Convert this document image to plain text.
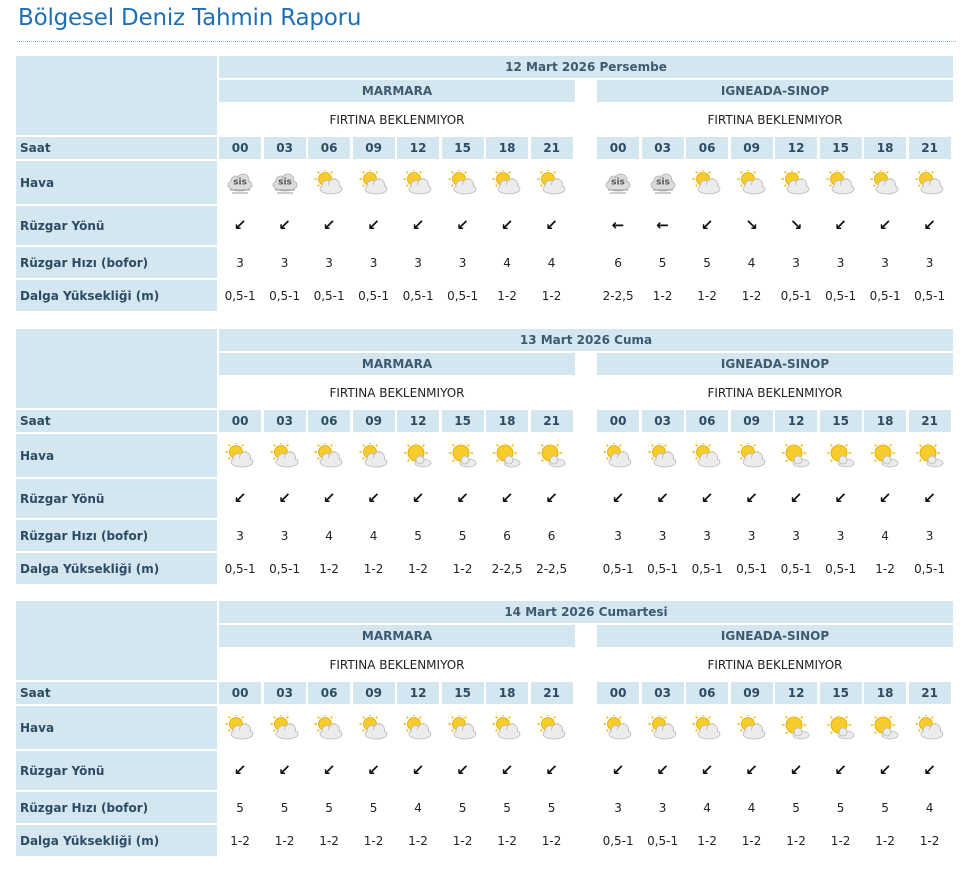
Bölgesel Deniz Tahmin Raporu
Saat
Hava
Rüzgar Yönü
Rüzgar Hızı (bofor)
Dalga Yüksekliği (m)
12 Mart 2026 Persembe
MARMARA
FIRTINA BEKLENMIYOR
00
sis
↙
3
0,5-1
03
sis
↙
3
0,5-1
06
↙
3
0,5-1
09
↙
3
0,5-1
12
↙
3
0,5-1
15
↙
3
0,5-1
18
↙
4
1-2
21
↙
4
1-2
IGNEADA-SINOP
FIRTINA BEKLENMIYOR
00
sis
←
6
2-2,5
03
sis
←
5
1-2
06
↙
5
1-2
09
↘
4
1-2
12
↘
3
0,5-1
15
↙
3
0,5-1
18
↙
3
0,5-1
21
↙
3
0,5-1
Saat
Hava
Rüzgar Yönü
Rüzgar Hızı (bofor)
Dalga Yüksekliği (m)
13 Mart 2026 Cuma
MARMARA
FIRTINA BEKLENMIYOR
00
↙
3
0,5-1
03
↙
3
0,5-1
06
↙
4
1-2
09
↙
4
1-2
12
↙
5
1-2
15
↙
5
1-2
18
↙
6
2-2,5
21
↙
6
2-2,5
IGNEADA-SINOP
FIRTINA BEKLENMIYOR
00
↙
3
0,5-1
03
↙
3
0,5-1
06
↙
3
0,5-1
09
↙
3
0,5-1
12
↙
3
0,5-1
15
↙
3
0,5-1
18
↙
4
1-2
21
↙
3
0,5-1
Saat
Hava
Rüzgar Yönü
Rüzgar Hızı (bofor)
Dalga Yüksekliği (m)
14 Mart 2026 Cumartesi
MARMARA
FIRTINA BEKLENMIYOR
00
↙
5
1-2
03
↙
5
1-2
06
↙
5
1-2
09
↙
5
1-2
12
↙
4
1-2
15
↙
5
1-2
18
↙
5
1-2
21
↙
5
1-2
IGNEADA-SINOP
FIRTINA BEKLENMIYOR
00
↙
3
0,5-1
03
↙
3
0,5-1
06
↙
4
1-2
09
↙
4
1-2
12
↙
5
1-2
15
↙
5
1-2
18
↙
5
1-2
21
↙
4
1-2
